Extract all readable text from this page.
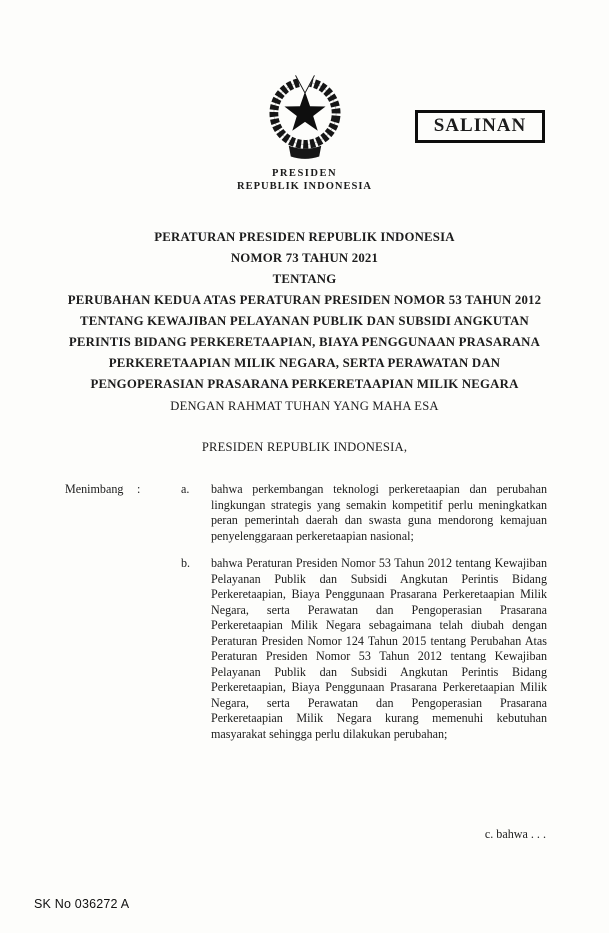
SALINAN
PRESIDEN
REPUBLIK INDONESIA
PERATURAN PRESIDEN REPUBLIK INDONESIA
NOMOR 73 TAHUN 2021
TENTANG
PERUBAHAN KEDUA ATAS PERATURAN PRESIDEN NOMOR 53 TAHUN 2012
TENTANG KEWAJIBAN PELAYANAN PUBLIK DAN SUBSIDI ANGKUTAN
PERINTIS BIDANG PERKERETAAPIAN, BIAYA PENGGUNAAN PRASARANA
PERKERETAAPIAN MILIK NEGARA, SERTA PERAWATAN DAN
PENGOPERASIAN PRASARANA PERKERETAAPIAN MILIK NEGARA
DENGAN RAHMAT TUHAN YANG MAHA ESA
PRESIDEN REPUBLIK INDONESIA,
Menimbang	:	a.	bahwa perkembangan teknologi perkeretaapian dan perubahan lingkungan strategis yang semakin kompetitif perlu meningkatkan peran pemerintah daerah dan swasta guna mendorong kemajuan penyelenggaraan perkeretaapian nasional;
b.	bahwa Peraturan Presiden Nomor 53 Tahun 2012 tentang Kewajiban Pelayanan Publik dan Subsidi Angkutan Perintis Bidang Perkeretaapian, Biaya Penggunaan Prasarana Perkeretaapian Milik Negara, serta Perawatan dan Pengoperasian Prasarana Perkeretaapian Milik Negara sebagaimana telah diubah dengan Peraturan Presiden Nomor 124 Tahun 2015 tentang Perubahan Atas Peraturan Presiden Nomor 53 Tahun 2012 tentang Kewajiban Pelayanan Publik dan Subsidi Angkutan Perintis Bidang Perkeretaapian, Biaya Penggunaan Prasarana Perkeretaapian Milik Negara, serta Perawatan dan Pengoperasian Prasarana Perkeretaapian Milik Negara kurang memenuhi kebutuhan masyarakat sehingga perlu dilakukan perubahan;
c. bahwa . . .
SK No 036272 A
